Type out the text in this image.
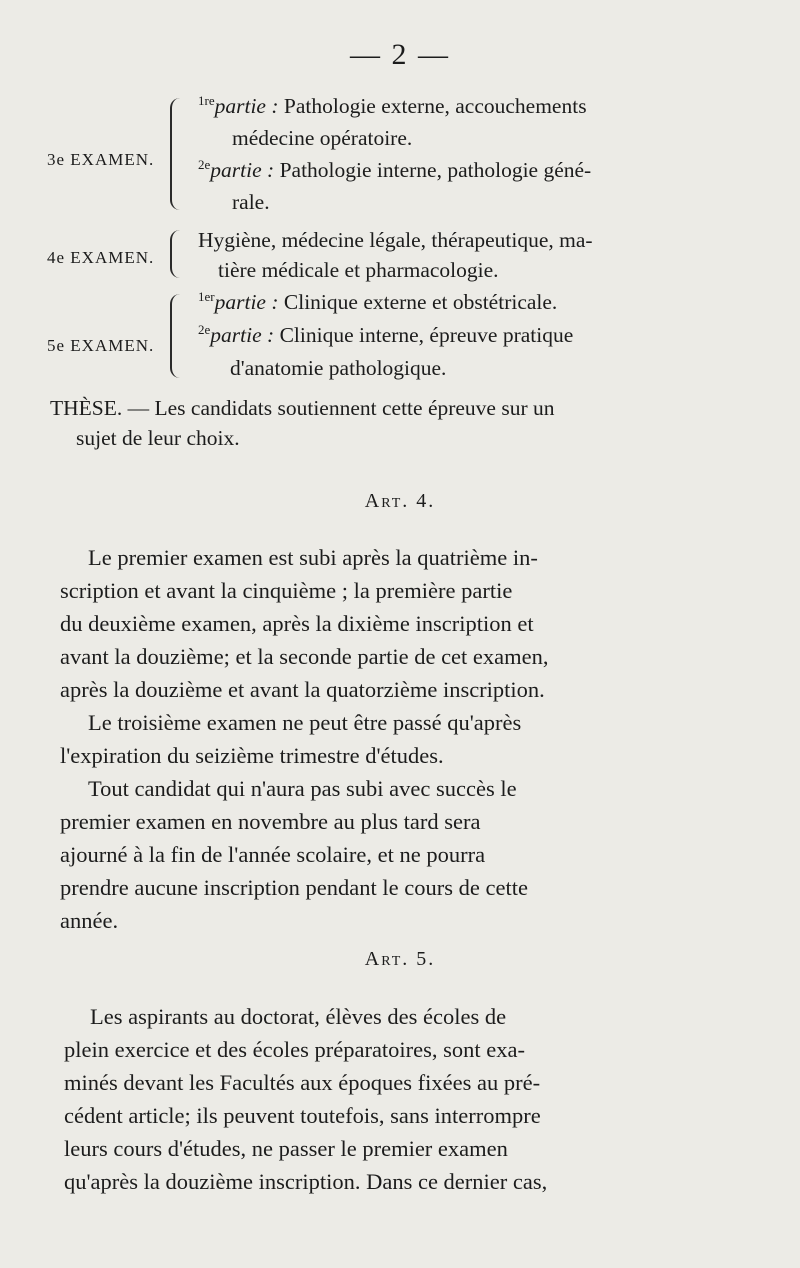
— 2 —
3e EXAMEN.
$^{1re}$partie : Pathologie externe, accouchements
médecine opératoire.
$^{2e}$partie : Pathologie interne, pathologie géné-
rale.
4e EXAMEN.
Hygiène, médecine légale, thérapeutique, ma-
tière médicale et pharmacologie.
5e EXAMEN.
$^{1er}$partie : Clinique externe et obstétricale.
$^{2e}$partie : Clinique interne, épreuve pratique
d'anatomie pathologique.
THÈSE. — Les candidats soutiennent cette épreuve sur un
sujet de leur choix.
Art. 4.
Le premier examen est subi après la quatrième in-
scription et avant la cinquième ; la première partie
du deuxième examen, après la dixième inscription et
avant la douzième; et la seconde partie de cet examen,
après la douzième et avant la quatorzième inscription.
Le troisième examen ne peut être passé qu'après
l'expiration du seizième trimestre d'études.
Tout candidat qui n'aura pas subi avec succès le
premier examen en novembre au plus tard sera
ajourné à la fin de l'année scolaire, et ne pourra
prendre aucune inscription pendant le cours de cette
année.
Art. 5.
Les aspirants au doctorat, élèves des écoles de
plein exercice et des écoles préparatoires, sont exa-
minés devant les Facultés aux époques fixées au pré-
cédent article; ils peuvent toutefois, sans interrompre
leurs cours d'études, ne passer le premier examen
qu'après la douzième inscription. Dans ce dernier cas,
